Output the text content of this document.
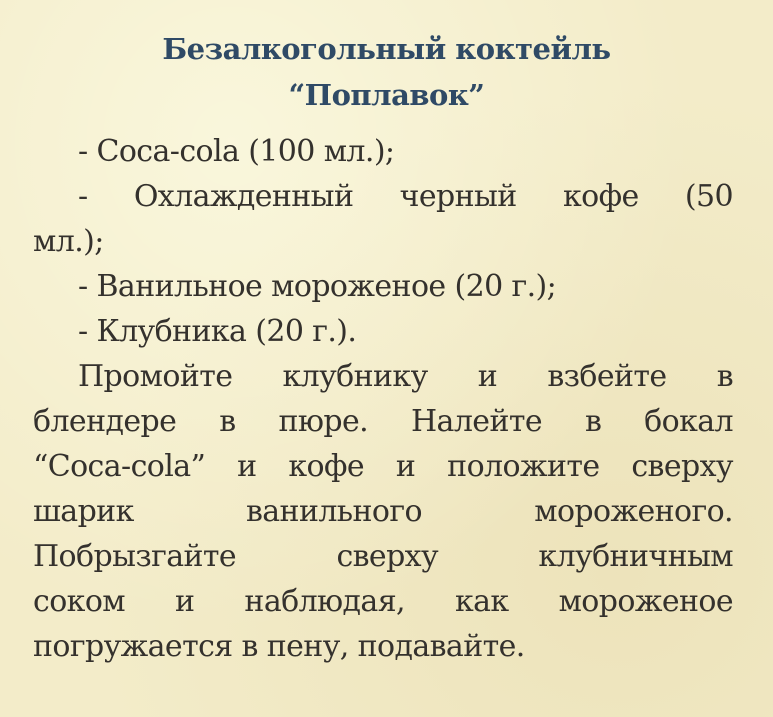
Безалкогольный коктейль
“Поплавок”
- Coca-cola (100 мл.);
- Охлажденный черный кофе (50
мл.);
- Ванильное мороженое (20 г.);
- Клубника (20 г.).
Промойте клубнику и взбейте в
блендере в пюре. Налейте в бокал
“Coca-cola” и кофе и положите сверху
шарик	ванильного	мороженого.
Побрызгайте	сверху	клубничным
соком и наблюдая, как мороженое
погружается в пену, подавайте.
